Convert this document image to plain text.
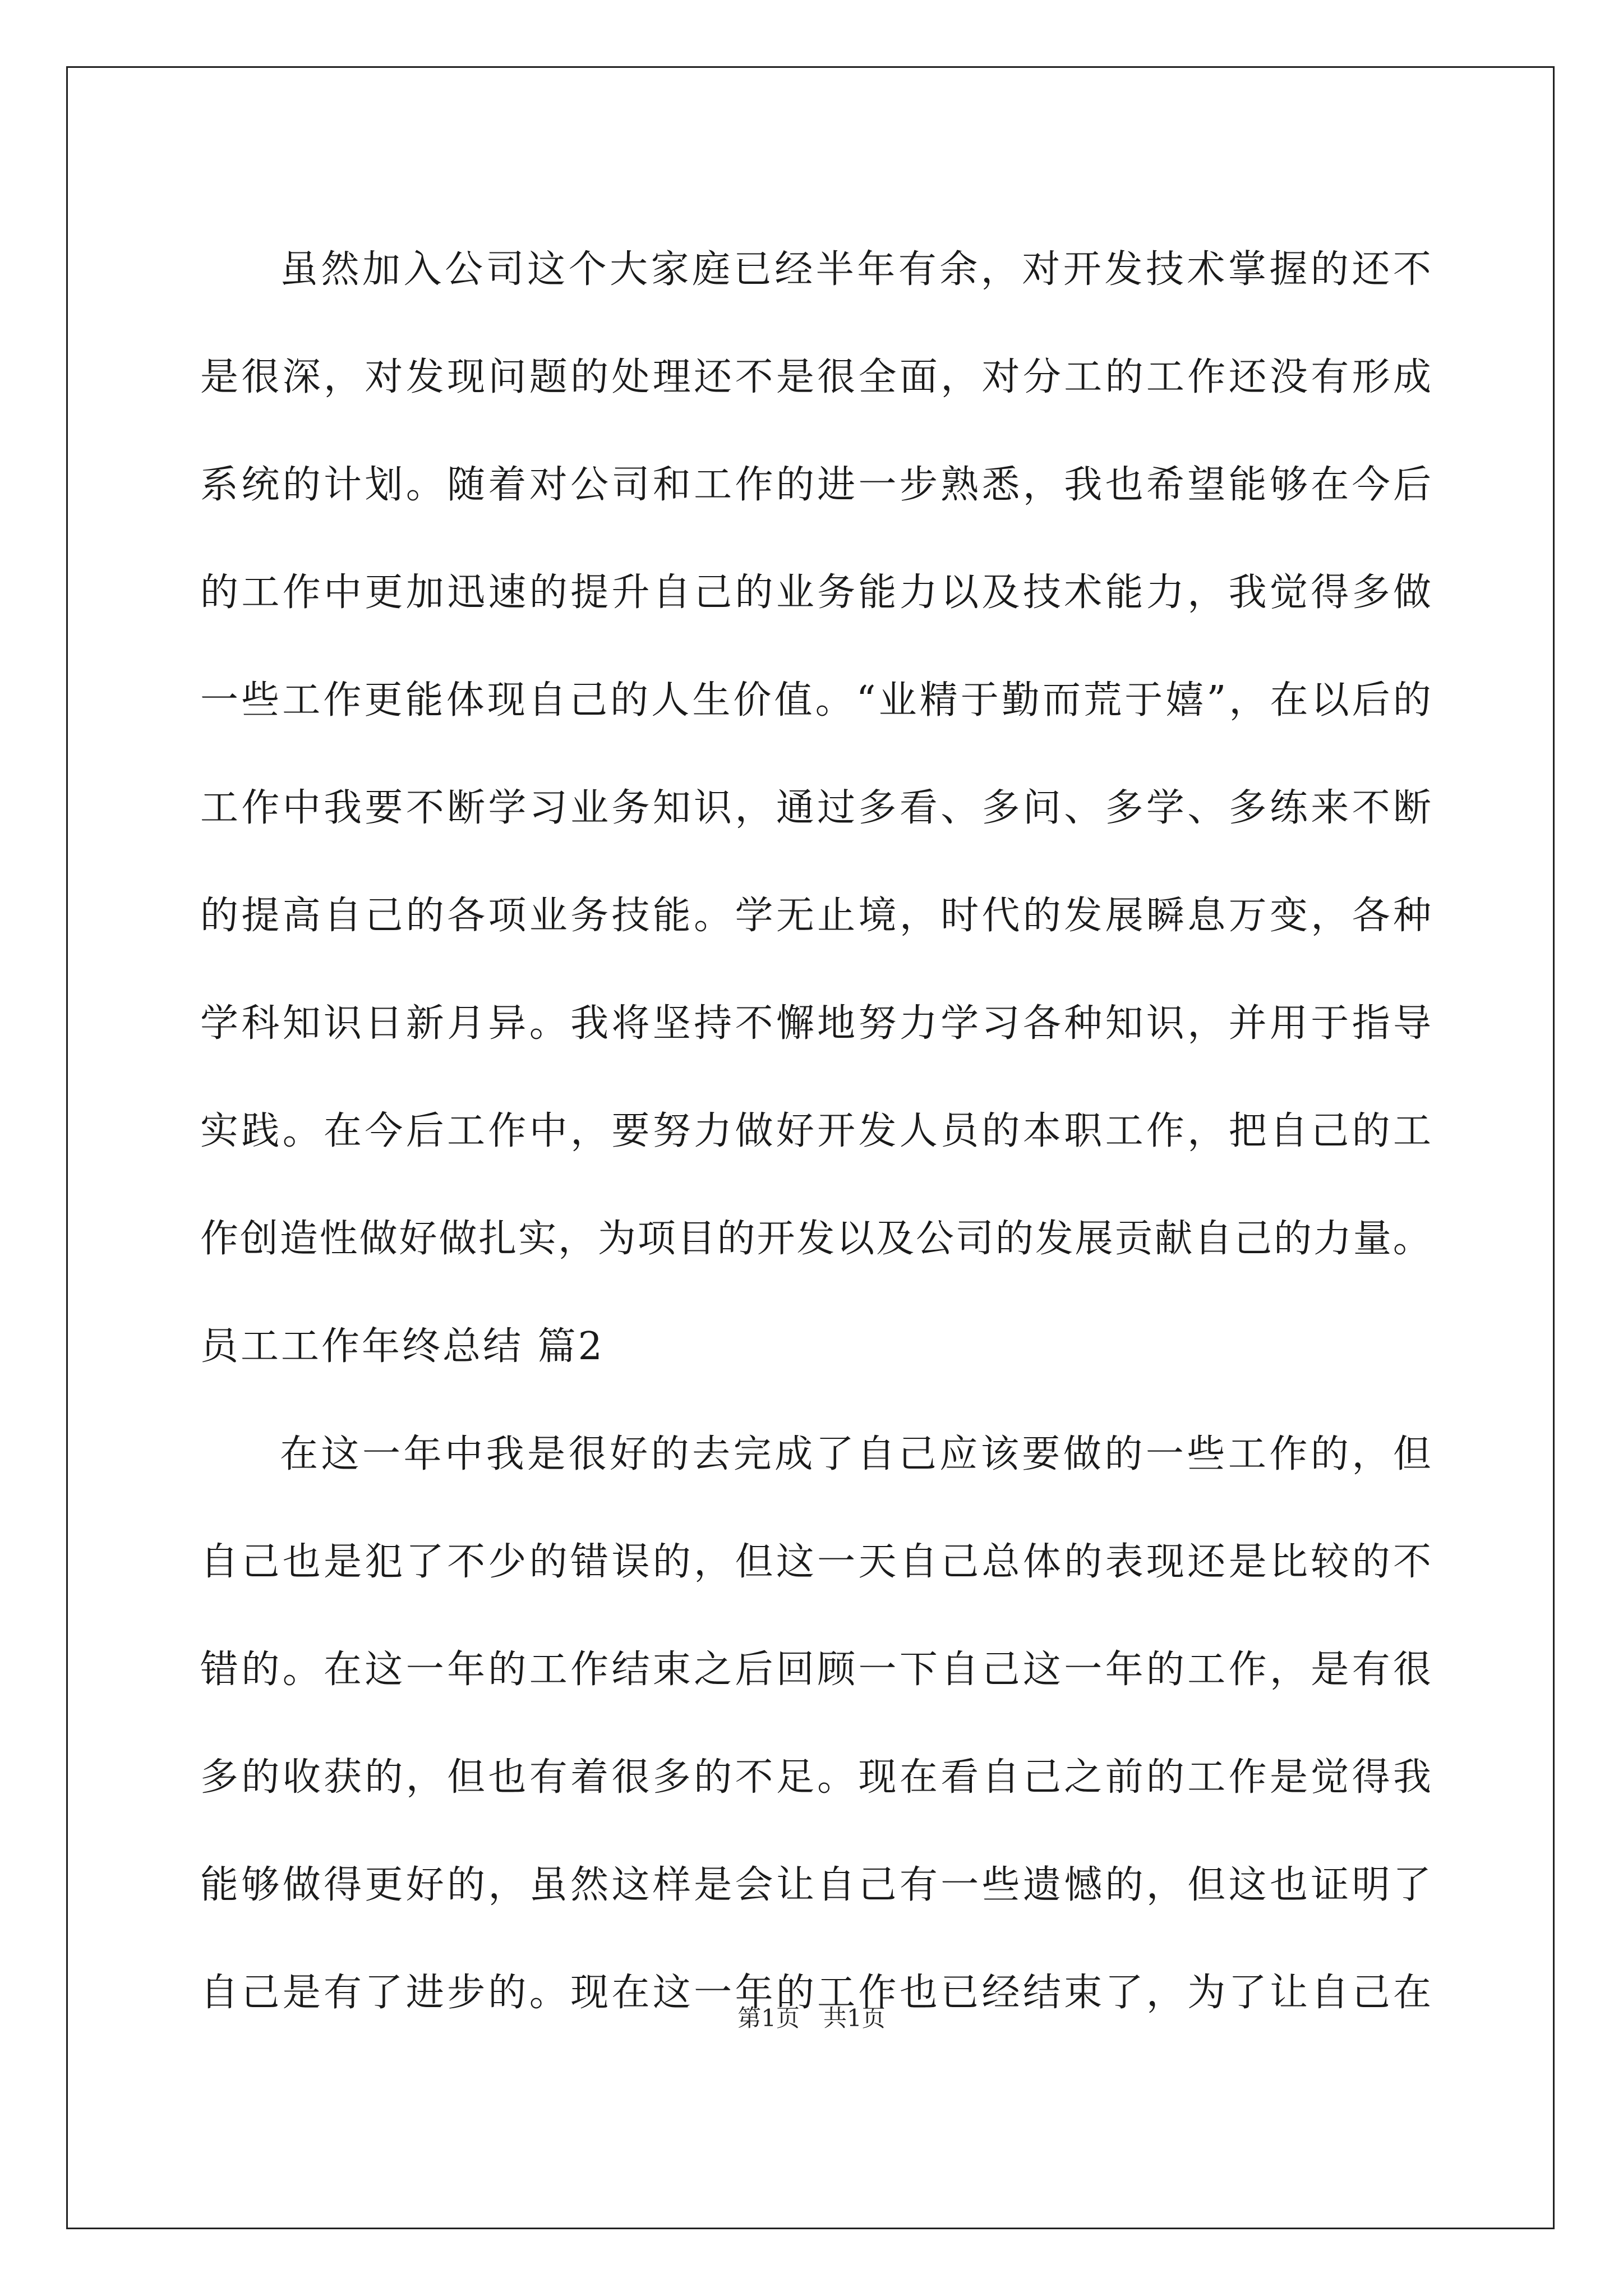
虽 然 加 入 公 司 这 个 大 家 庭 已 经 半 年 有 余 ， 对 开 发 技 术 掌 握 的 还 不
是 很 深 ， 对 发 现 问 题 的 处 理 还 不 是 很 全 面 ， 对 分 工 的 工 作 还 没 有 形 成
系 统 的 计 划 。 随 着 对 公 司 和 工 作 的 进 一 步 熟 悉 ， 我 也 希 望 能 够 在 今 后
的 工 作 中 更 加 迅 速 的 提 升 自 己 的 业 务 能 力 以 及 技 术 能 力 ， 我 觉 得 多 做
一 些 工 作 更 能 体 现 自 己 的 人 生 价 值 。 “ 业 精 于 勤 而 荒 于 嬉 ” ， 在 以 后 的
工 作 中 我 要 不 断 学 习 业 务 知 识 ， 通 过 多 看 、 多 问 、 多 学 、 多 练 来 不 断
的 提 高 自 己 的 各 项 业 务 技 能 。 学 无 止 境 ， 时 代 的 发 展 瞬 息 万 变 ， 各 种
学 科 知 识 日 新 月 异 。 我 将 坚 持 不 懈 地 努 力 学 习 各 种 知 识 ， 并 用 于 指 导
实 践 。 在 今 后 工 作 中 ， 要 努 力 做 好 开 发 人 员 的 本 职 工 作 ， 把 自 己 的 工
作 创 造 性 做 好 做 扎 实 ， 为 项 目 的 开 发 以 及 公 司 的 发 展 贡 献 自 己 的 力 量 。
员工工作年终总结 篇2
在 这 一 年 中 我 是 很 好 的 去 完 成 了 自 己 应 该 要 做 的 一 些 工 作 的 ， 但
自 己 也 是 犯 了 不 少 的 错 误 的 ， 但 这 一 天 自 己 总 体 的 表 现 还 是 比 较 的 不
错 的 。 在 这 一 年 的 工 作 结 束 之 后 回 顾 一 下 自 己 这 一 年 的 工 作 ， 是 有 很
多 的 收 获 的 ， 但 也 有 着 很 多 的 不 足 。 现 在 看 自 己 之 前 的 工 作 是 觉 得 我
能 够 做 得 更 好 的 ， 虽 然 这 样 是 会 让 自 己 有 一 些 遗 憾 的 ， 但 这 也 证 明 了
自 己 是 有 了 进 步 的 。 现 在 这 一 年 的 工 作 也 已 经 结 束 了 ， 为 了 让 自 己 在
第1页　共1页
